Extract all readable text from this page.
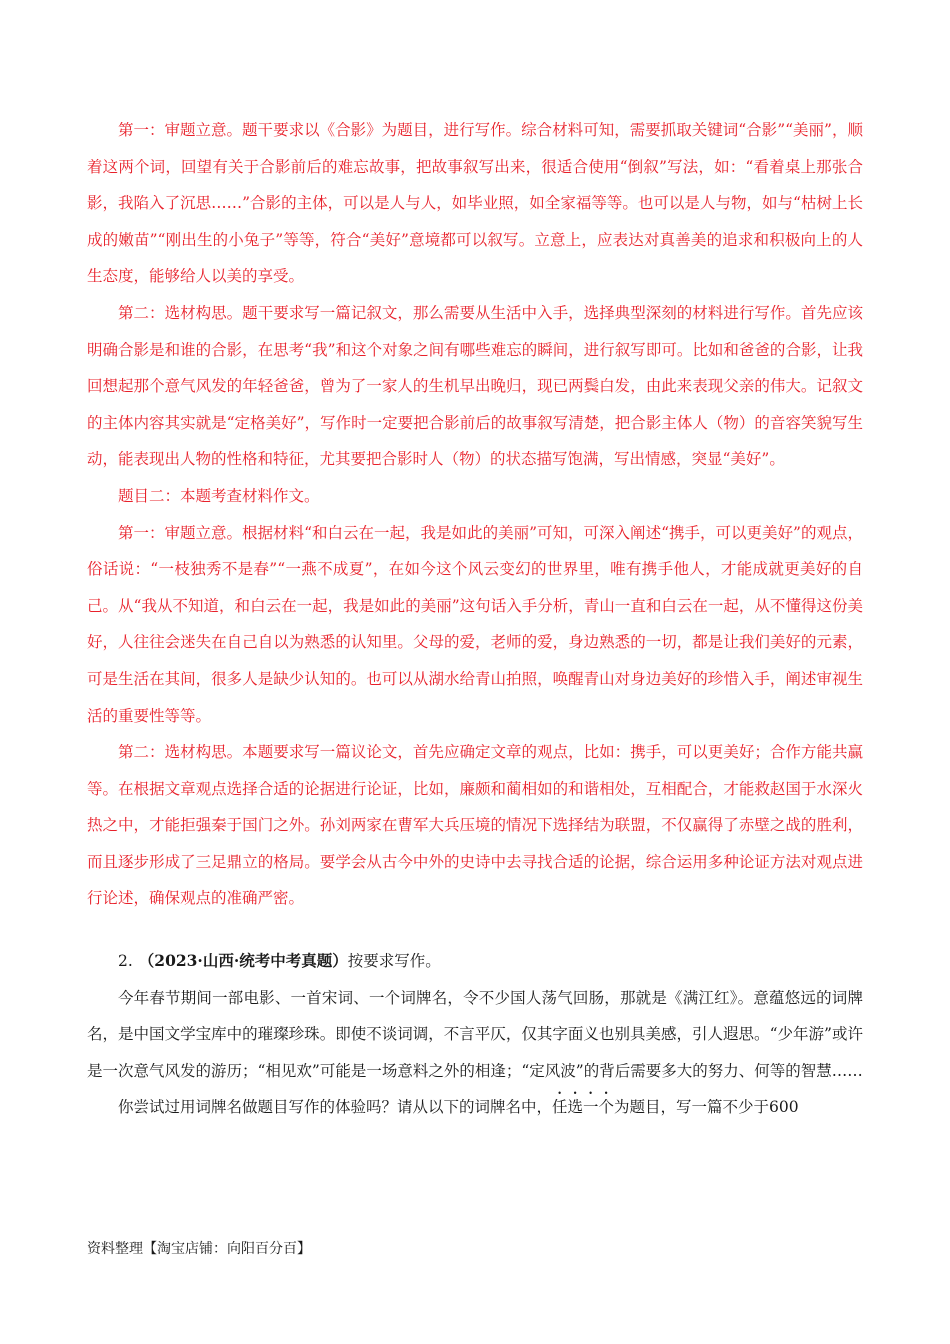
第一：审题立意。题干要求以《合影》为题目，进行写作。综合材料可知，需要抓取关键词“合影”“美丽”，顺着这两个词，回望有关于合影前后的难忘故事，把故事叙写出来，很适合使用“倒叙”写法，如：“看着桌上那张合影，我陷入了沉思……”合影的主体，可以是人与人，如毕业照，如全家福等等。也可以是人与物，如与“枯树上长成的嫩苗”“刚出生的小兔子”等等，符合“美好”意境都可以叙写。立意上，应表达对真善美的追求和积极向上的人生态度，能够给人以美的享受。

第二：选材构思。题干要求写一篇记叙文，那么需要从生活中入手，选择典型深刻的材料进行写作。首先应该明确合影是和谁的合影，在思考“我”和这个对象之间有哪些难忘的瞬间，进行叙写即可。比如和爸爸的合影，让我回想起那个意气风发的年轻爸爸，曾为了一家人的生机早出晚归，现已两鬓白发，由此来表现父亲的伟大。记叙文的主体内容其实就是“定格美好”，写作时一定要把合影前后的故事叙写清楚，把合影主体人（物）的音容笑貌写生动，能表现出人物的性格和特征，尤其要把合影时人（物）的状态描写饱满，写出情感，突显“美好”。

题目二：本题考查材料作文。

第一：审题立意。根据材料“和白云在一起，我是如此的美丽”可知，可深入阐述“携手，可以更美好”的观点，俗话说：“一枝独秀不是春”“一燕不成夏”，在如今这个风云变幻的世界里，唯有携手他人，才能成就更美好的自己。从“我从不知道，和白云在一起，我是如此的美丽”这句话入手分析，青山一直和白云在一起，从不懂得这份美好，人往往会迷失在自己自以为熟悉的认知里。父母的爱，老师的爱，身边熟悉的一切，都是让我们美好的元素，可是生活在其间，很多人是缺少认知的。也可以从湖水给青山拍照，唤醒青山对身边美好的珍惜入手，阐述审视生活的重要性等等。

第二：选材构思。本题要求写一篇议论文，首先应确定文章的观点，比如：携手，可以更美好；合作方能共赢等。在根据文章观点选择合适的论据进行论证，比如，廉颇和蔺相如的和谐相处，互相配合，才能救赵国于水深火热之中，才能拒强秦于国门之外。孙刘两家在曹军大兵压境的情况下选择结为联盟，不仅赢得了赤壁之战的胜利，而且逐步形成了三足鼎立的格局。要学会从古今中外的史诗中去寻找合适的论据，综合运用多种论证方法对观点进行论述，确保观点的准确严密。

2. （2023·山西·统考中考真题）按要求写作。

今年春节期间一部电影、一首宋词、一个词牌名，令不少国人荡气回肠，那就是《满江红》。意蕴悠远的词牌名，是中国文学宝库中的璀璨珍珠。即使不谈词调，不言平仄，仅其字面义也别具美感，引人遐思。“少年游”或许是一次意气风发的游历；“相见欢”可能是一场意料之外的相逢；“定风波”的背后需要多大的努力、何等的智慧……

你尝试过用词牌名做题目写作的体验吗？请从以下的词牌名中，任选一个为题目，写一篇不少于600

资料整理【淘宝店铺：向阳百分百】
